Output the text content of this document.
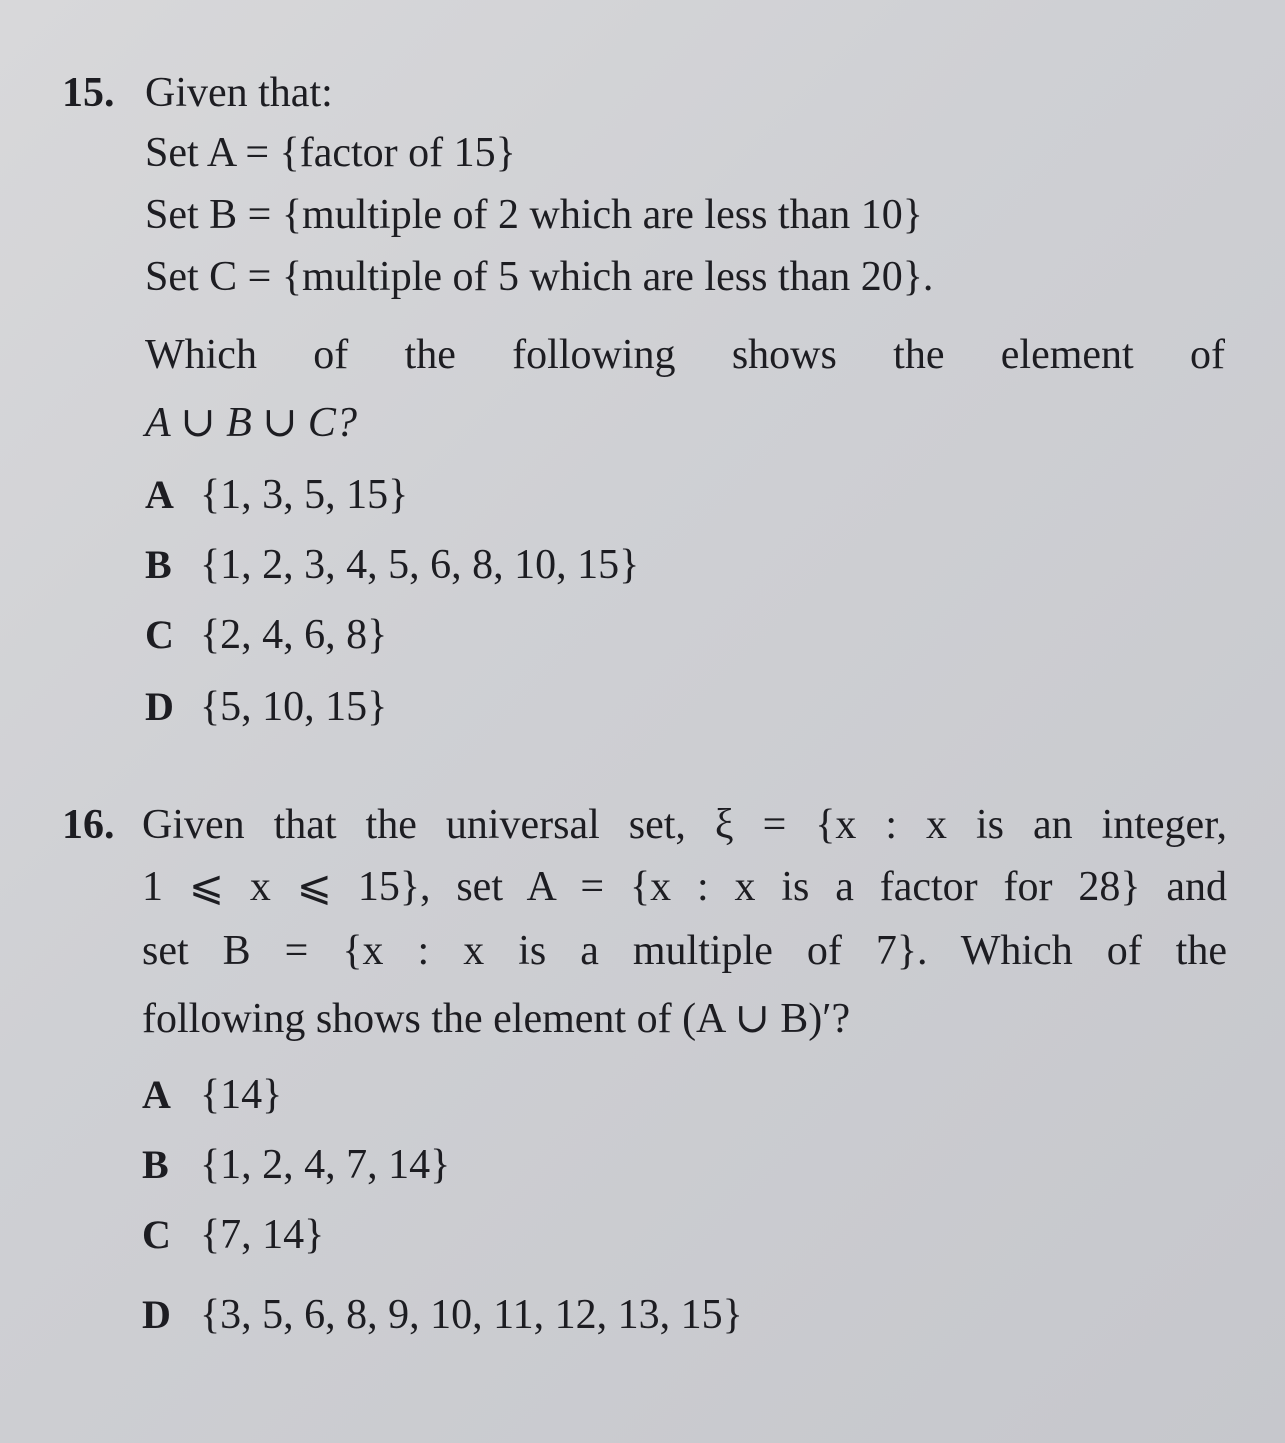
15. Given that:
Set A = {factor of 15}
Set B = {multiple of 2 which are less than 10}
Set C = {multiple of 5 which are less than 20}.
Which of the following shows the element of
A ∪ B ∪ C?
A {1, 3, 5, 15}
B {1, 2, 3, 4, 5, 6, 8, 10, 15}
C {2, 4, 6, 8}
D {5, 10, 15}
16. Given that the universal set, ξ = {x : x is an integer,
1 ⩽ x ⩽ 15}, set A = {x : x is a factor for 28} and
set B = {x : x is a multiple of 7}. Which of the
following shows the element of (A ∪ B)′?
A {14}
B {1, 2, 4, 7, 14}
C {7, 14}
D {3, 5, 6, 8, 9, 10, 11, 12, 13, 15}
